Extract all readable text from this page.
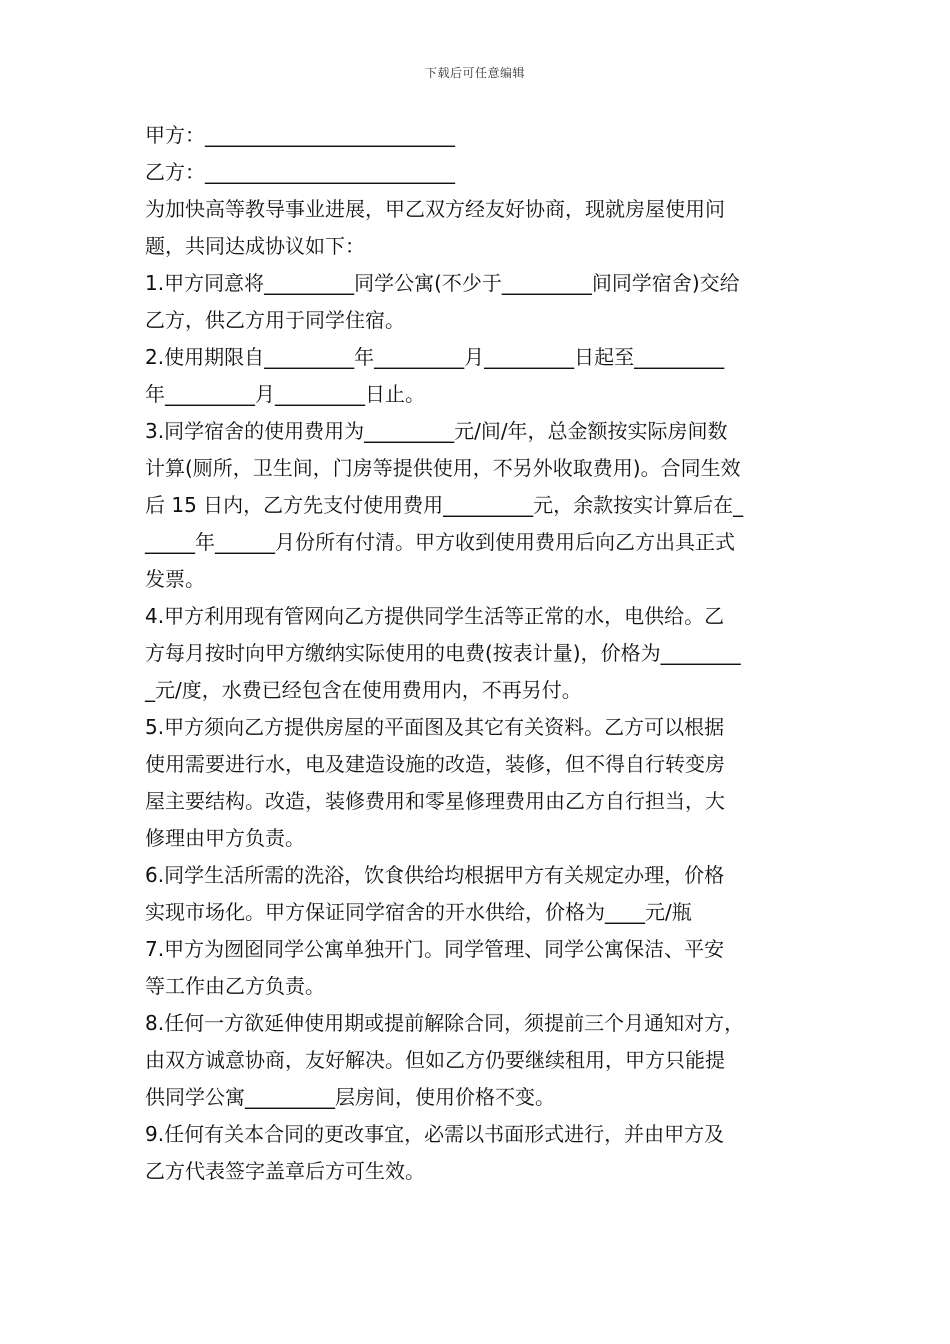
下载后可任意编辑
甲方：_________________________
乙方：_________________________
为加快高等教导事业进展，甲乙双方经友好协商，现就房屋使用问
题，共同达成协议如下：
1.甲方同意将_________同学公寓(不少于_________间同学宿舍)交给
乙方，供乙方用于同学住宿。
2.使用期限自_________年_________月_________日起至_________
年_________月_________日止。
3.同学宿舍的使用费用为_________元/间/年，总金额按实际房间数
计算(厕所，卫生间，门房等提供使用，不另外收取费用)。合同生效
后 15 日内，乙方先支付使用费用_________元，余款按实计算后在_
_____年______月份所有付清。甲方收到使用费用后向乙方出具正式
发票。
4.甲方利用现有管网向乙方提供同学生活等正常的水，电供给。乙
方每月按时向甲方缴纳实际使用的电费(按表计量)，价格为________
_元/度，水费已经包含在使用费用内，不再另付。
5.甲方须向乙方提供房屋的平面图及其它有关资料。乙方可以根据
使用需要进行水，电及建造设施的改造，装修，但不得自行转变房
屋主要结构。改造，装修费用和零星修理费用由乙方自行担当，大
修理由甲方负责。
6.同学生活所需的洗浴，饮食供给均根据甲方有关规定办理，价格
实现市场化。甲方保证同学宿舍的开水供给，价格为____元/瓶
7.甲方为囫囵同学公寓单独开门。同学管理、同学公寓保洁、平安
等工作由乙方负责。
8.任何一方欲延伸使用期或提前解除合同，须提前三个月通知对方，
由双方诚意协商，友好解决。但如乙方仍要继续租用，甲方只能提
供同学公寓_________层房间，使用价格不变。
9.任何有关本合同的更改事宜，必需以书面形式进行，并由甲方及
乙方代表签字盖章后方可生效。
